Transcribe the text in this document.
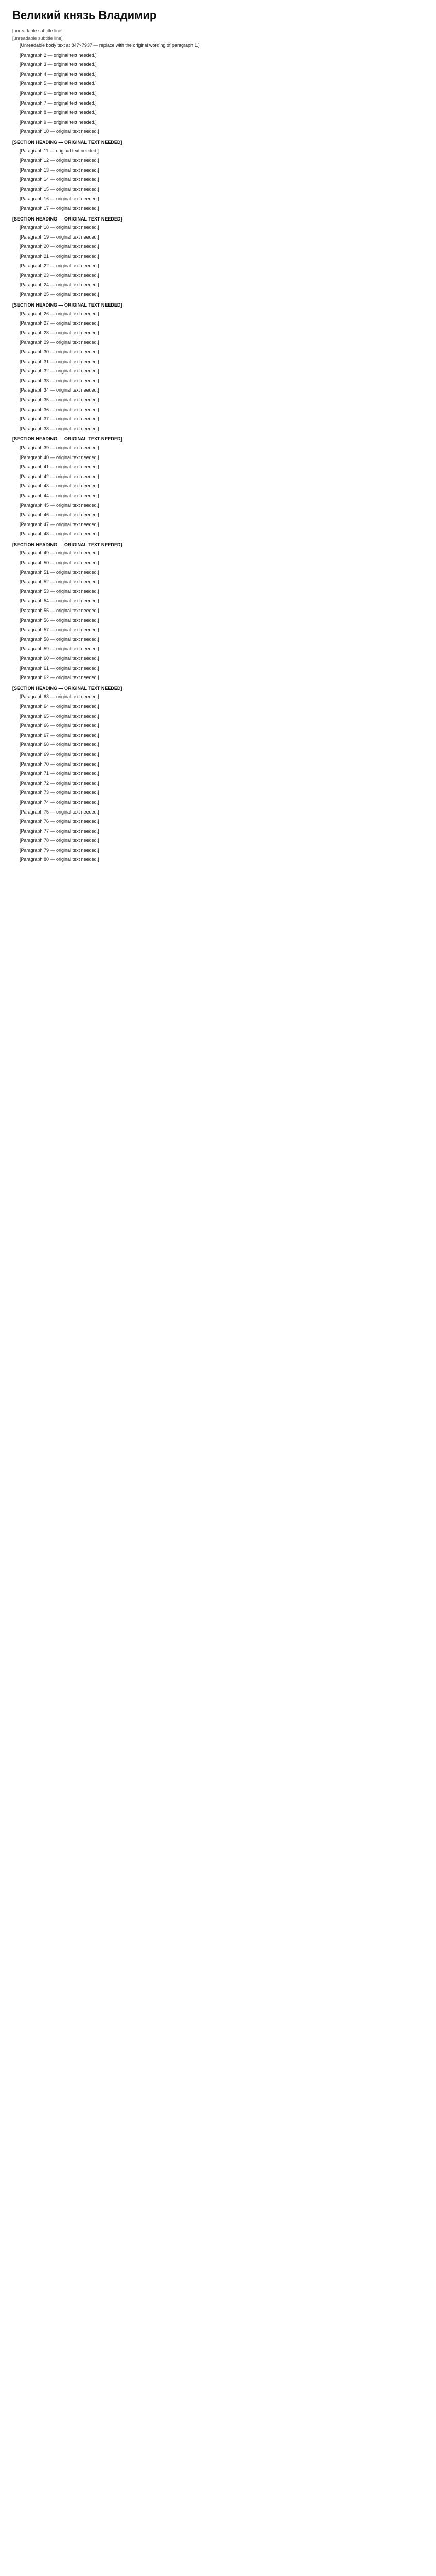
Великий князь Владимир

[unreadable subtitle line]

[unreadable subtitle line]

[Unreadable body text at 847×7937 — replace with the original wording of paragraph 1.]

[Paragraph 2 — original text needed.]

[Paragraph 3 — original text needed.]

[Paragraph 4 — original text needed.]

[Paragraph 5 — original text needed.]

[Paragraph 6 — original text needed.]

[Paragraph 7 — original text needed.]

[Paragraph 8 — original text needed.]

[Paragraph 9 — original text needed.]

[Paragraph 10 — original text needed.]

[SECTION HEADING — ORIGINAL TEXT NEEDED]

[Paragraph 11 — original text needed.]

[Paragraph 12 — original text needed.]

[Paragraph 13 — original text needed.]

[Paragraph 14 — original text needed.]

[Paragraph 15 — original text needed.]

[Paragraph 16 — original text needed.]

[Paragraph 17 — original text needed.]

[SECTION HEADING — ORIGINAL TEXT NEEDED]

[Paragraph 18 — original text needed.]

[Paragraph 19 — original text needed.]

[Paragraph 20 — original text needed.]

[Paragraph 21 — original text needed.]

[Paragraph 22 — original text needed.]

[Paragraph 23 — original text needed.]

[Paragraph 24 — original text needed.]

[Paragraph 25 — original text needed.]

[SECTION HEADING — ORIGINAL TEXT NEEDED]

[Paragraph 26 — original text needed.]

[Paragraph 27 — original text needed.]

[Paragraph 28 — original text needed.]

[Paragraph 29 — original text needed.]

[Paragraph 30 — original text needed.]

[Paragraph 31 — original text needed.]

[Paragraph 32 — original text needed.]

[Paragraph 33 — original text needed.]

[Paragraph 34 — original text needed.]

[Paragraph 35 — original text needed.]

[Paragraph 36 — original text needed.]

[Paragraph 37 — original text needed.]

[Paragraph 38 — original text needed.]

[SECTION HEADING — ORIGINAL TEXT NEEDED]

[Paragraph 39 — original text needed.]

[Paragraph 40 — original text needed.]

[Paragraph 41 — original text needed.]

[Paragraph 42 — original text needed.]

[Paragraph 43 — original text needed.]

[Paragraph 44 — original text needed.]

[Paragraph 45 — original text needed.]

[Paragraph 46 — original text needed.]

[Paragraph 47 — original text needed.]

[Paragraph 48 — original text needed.]

[SECTION HEADING — ORIGINAL TEXT NEEDED]

[Paragraph 49 — original text needed.]

[Paragraph 50 — original text needed.]

[Paragraph 51 — original text needed.]

[Paragraph 52 — original text needed.]

[Paragraph 53 — original text needed.]

[Paragraph 54 — original text needed.]

[Paragraph 55 — original text needed.]

[Paragraph 56 — original text needed.]

[Paragraph 57 — original text needed.]

[Paragraph 58 — original text needed.]

[Paragraph 59 — original text needed.]

[Paragraph 60 — original text needed.]

[Paragraph 61 — original text needed.]

[Paragraph 62 — original text needed.]

[SECTION HEADING — ORIGINAL TEXT NEEDED]

[Paragraph 63 — original text needed.]

[Paragraph 64 — original text needed.]

[Paragraph 65 — original text needed.]

[Paragraph 66 — original text needed.]

[Paragraph 67 — original text needed.]

[Paragraph 68 — original text needed.]

[Paragraph 69 — original text needed.]

[Paragraph 70 — original text needed.]

[Paragraph 71 — original text needed.]

[Paragraph 72 — original text needed.]

[Paragraph 73 — original text needed.]

[Paragraph 74 — original text needed.]

[Paragraph 75 — original text needed.]

[Paragraph 76 — original text needed.]

[Paragraph 77 — original text needed.]

[Paragraph 78 — original text needed.]

[Paragraph 79 — original text needed.]

[Paragraph 80 — original text needed.]
